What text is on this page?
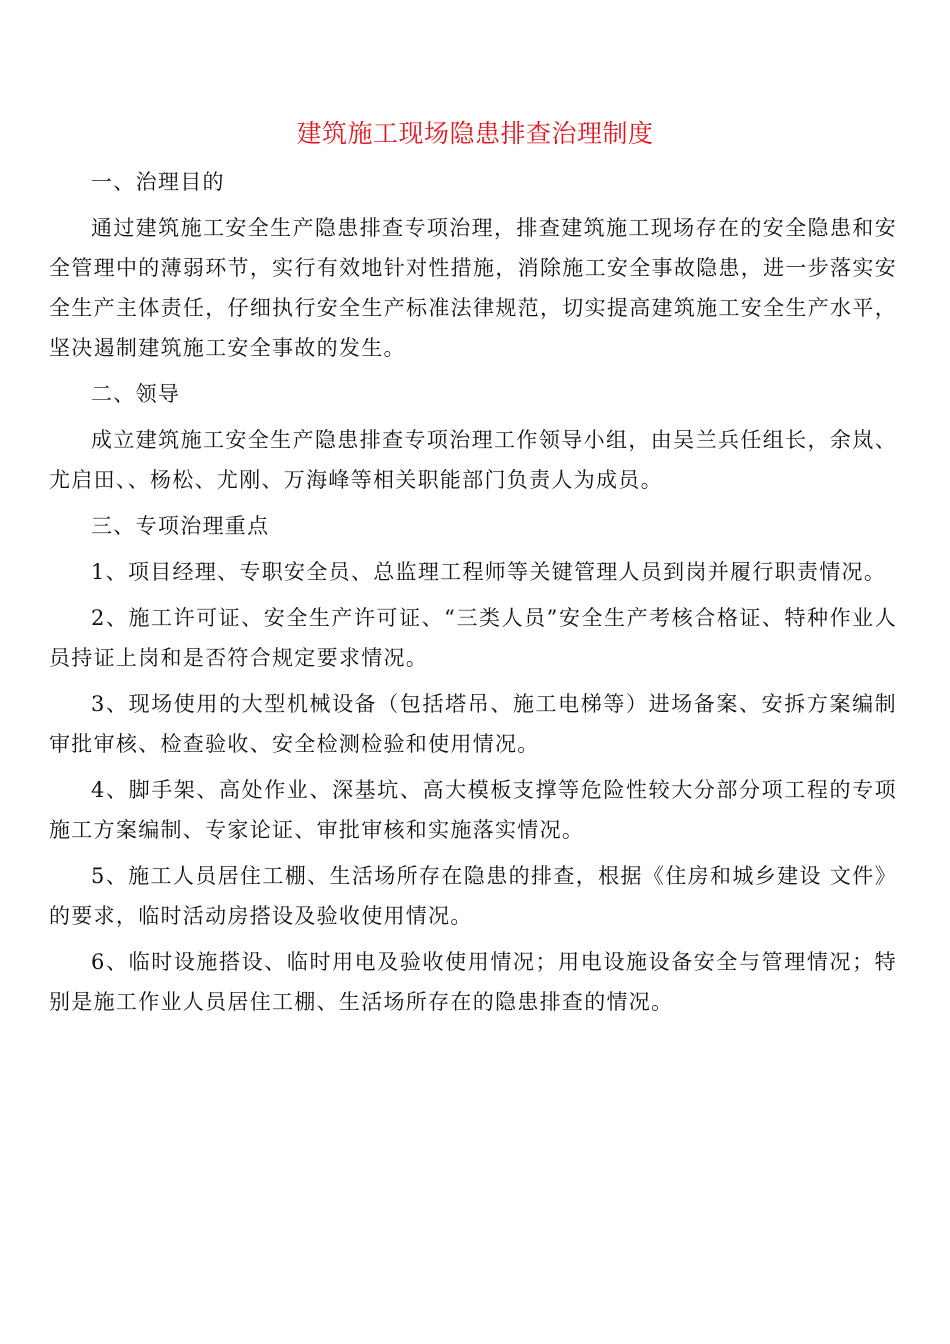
建筑施工现场隐患排查治理制度

一、治理目的

通过建筑施工安全生产隐患排查专项治理，排查建筑施工现场存在的安全隐患和安全管理中的薄弱环节，实行有效地针对性措施，消除施工安全事故隐患，进一步落实安全生产主体责任，仔细执行安全生产标准法律规范，切实提高建筑施工安全生产水平，坚决遏制建筑施工安全事故的发生。

二、领导

成立建筑施工安全生产隐患排查专项治理工作领导小组，由吴兰兵任组长，余岚、尤启田、、杨松、尤刚、万海峰等相关职能部门负责人为成员。

三、专项治理重点

1、项目经理、专职安全员、总监理工程师等关键管理人员到岗并履行职责情况。

2、施工许可证、安全生产许可证、“三类人员”安全生产考核合格证、特种作业人员持证上岗和是否符合规定要求情况。

3、现场使用的大型机械设备（包括塔吊、施工电梯等）进场备案、安拆方案编制审批审核、检查验收、安全检测检验和使用情况。

4、脚手架、高处作业、深基坑、高大模板支撑等危险性较大分部分项工程的专项施工方案编制、专家论证、审批审核和实施落实情况。

5、施工人员居住工棚、生活场所存在隐患的排查，根据《住房和城乡建设 文件》的要求，临时活动房搭设及验收使用情况。

6、临时设施搭设、临时用电及验收使用情况；用电设施设备安全与管理情况；特别是施工作业人员居住工棚、生活场所存在的隐患排查的情况。
